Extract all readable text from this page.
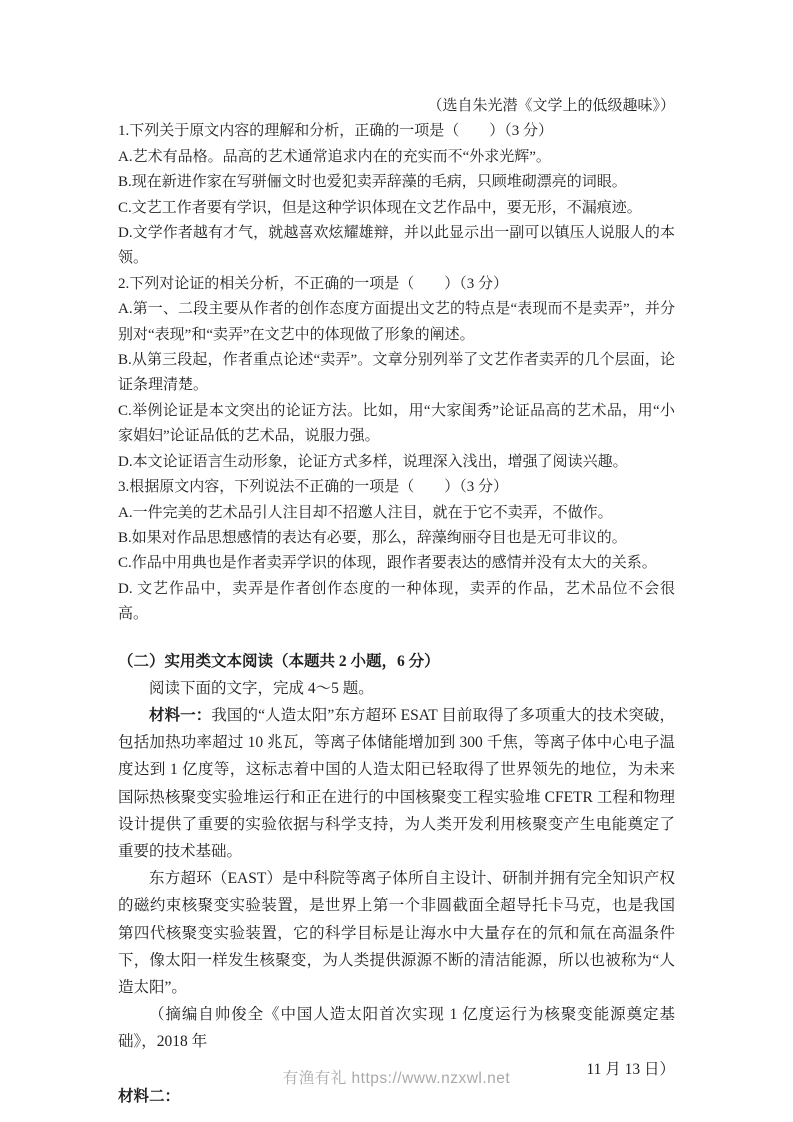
（选自朱光潜《文学上的低级趣味》）

1.下列关于原文内容的理解和分析，正确的一项是（　　）（3 分）

A.艺术有品格。品高的艺术通常追求内在的充实而不“外求光辉”。

B.现在新进作家在写骈俪文时也爱犯卖弄辞藻的毛病，只顾堆砌漂亮的词眼。

C.文艺工作者要有学识，但是这种学识体现在文艺作品中，要无形，不漏痕迹。

D.文学作者越有才气，就越喜欢炫耀雄辩，并以此显示出一副可以镇压人说服人的本领。

2.下列对论证的相关分析，不正确的一项是（　　）（3 分）

A.第一、二段主要从作者的创作态度方面提出文艺的特点是“表现而不是卖弄”，并分别对“表现”和“卖弄”在文艺中的体现做了形象的阐述。

B.从第三段起，作者重点论述“卖弄”。文章分别列举了文艺作者卖弄的几个层面，论证条理清楚。

C.举例论证是本文突出的论证方法。比如，用“大家闺秀”论证品高的艺术品，用“小家娼妇”论证品低的艺术品，说服力强。

D.本文论证语言生动形象，论证方式多样，说理深入浅出，增强了阅读兴趣。

3.根据原文内容，下列说法不正确的一项是（　　）（3 分）

A.一件完美的艺术品引人注目却不招邀人注目，就在于它不卖弄，不做作。

B.如果对作品思想感情的表达有必要，那么，辞藻绚丽夺目也是无可非议的。

C.作品中用典也是作者卖弄学识的体现，跟作者要表达的感情并没有太大的关系。

D. 文艺作品中，卖弄是作者创作态度的一种体现，卖弄的作品，艺术品位不会很高。

（二）实用类文本阅读（本题共 2 小题，6 分）

阅读下面的文字，完成 4～5 题。

材料一：我国的“人造太阳”东方超环 ESAT 目前取得了多项重大的技术突破，包括加热功率超过 10 兆瓦，等离子体储能增加到 300 千焦，等离子体中心电子温度达到 1 亿度等，这标志着中国的人造太阳已轻取得了世界领先的地位，为未来国际热核聚变实验堆运行和正在进行的中国核聚变工程实验堆 CFETR 工程和物理设计提供了重要的实验依据与科学支持，为人类开发利用核聚变产生电能奠定了重要的技术基础。

东方超环（EAST）是中科院等离子体所自主设计、研制并拥有完全知识产权的磁约束核聚变实验装置，是世界上第一个非圆截面全超导托卡马克，也是我国第四代核聚变实验装置，它的科学目标是让海水中大量存在的氘和氚在高温条件下，像太阳一样发生核聚变，为人类提供源源不断的清洁能源，所以也被称为“人造太阳”。

（摘编自帅俊全《中国人造太阳首次实现 1 亿度运行为核聚变能源奠定基础》，2018 年

11 月 13 日）

材料二：

有渔有礼 https://www.nzxwl.net
